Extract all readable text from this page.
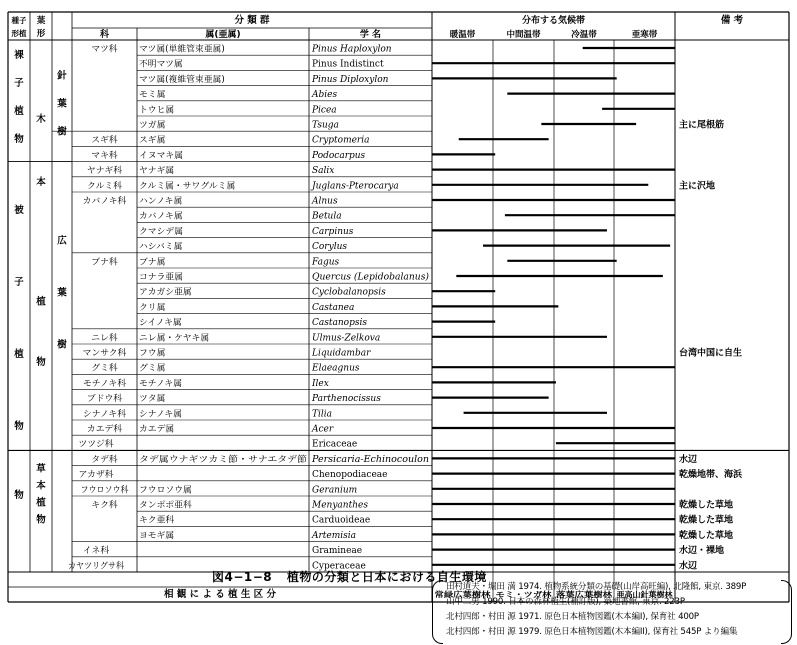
種子
形植
葉
形
分 類 群
科	属(亜属)	学 名
分布する気候帯
暖温帯	中間温帯	冷温帯	亜寒帯
備 考
裸
子
植
物
木
針
葉
樹
被
子
植
物
本
植
物
広
葉
樹
草
本
植
物
物
マツ科 マツ属(単維管束亜属)	Pinus Haploxylon
不明マツ属	Pinus Indistinct
マツ属(複維管束亜属)	Pinus Diploxylon
モミ属	Abies
トウヒ属	Picea
ツガ属	Tsuga	主に尾根筋
スギ科 スギ属	Cryptomeria
マキ科 イヌマキ属	Podocarpus
ヤナギ科 ヤナギ属	Salix
クルミ科 クルミ属・サワグルミ属	Juglans-Pterocarya	主に沢地
カバノキ科 ハンノキ属	Alnus
カバノキ属	Betula
クマシデ属	Carpinus
ハシバミ属	Corylus
ブナ科 ブナ属	Fagus
コナラ亜属	Quercus (Lepidobalanus)
アカガシ亜属	Cyclobalanopsis
クリ属	Castanea
シイノキ属	Castanopsis
ニレ科 ニレ属・ケヤキ属	Ulmus-Zelkova
マンサク科 フウ属	Liquidambar	台湾中国に自生
グミ科 グミ属	Elaeagnus
モチノキ科 モチノキ属	Ilex
ブドウ科 ツタ属	Parthenocissus
シナノキ科 シナノキ属	Tilia
カエデ科 カエデ属	Acer
ツツジ科	Ericaceae
タデ科 タデ属ウナギツカミ節・サナエタデ節	Persicaria-Echinocoulon	水辺
アカザ科	Chenopodiaceae	乾燥地帯、海浜
フウロソウ科 フウロソウ属	Geranium
キク科 タンポポ亜科	Menyanthes	乾燥した草地
キク亜科	Carduoideae	乾燥した草地
ヨモギ属	Artemisia	乾燥した草地
イネ科	Gramineae	水辺・裸地
カヤツリグサ科	Cyperaceae	水辺
相 観 に よ る 植 生 区 分	常緑広葉樹林 モミ・ツガ林 落葉広葉樹林 亜高山針葉樹林
図4−1−8 植物の分類と日本における自生環境
田村道夫・堀田 満 1974. 植物系統分類の基礎(山岸高旺編), 北隆館, 東京. 389P
山中二男 1990. 日本の森林植生(補訂版), 築地書館, 東京. 223P
北村四郎・村田 源 1971. 原色日本植物図鑑(木本編I), 保育社 400P
北村四郎・村田 源 1979. 原色日本植物図鑑(木本編II), 保育社 545P より編集
